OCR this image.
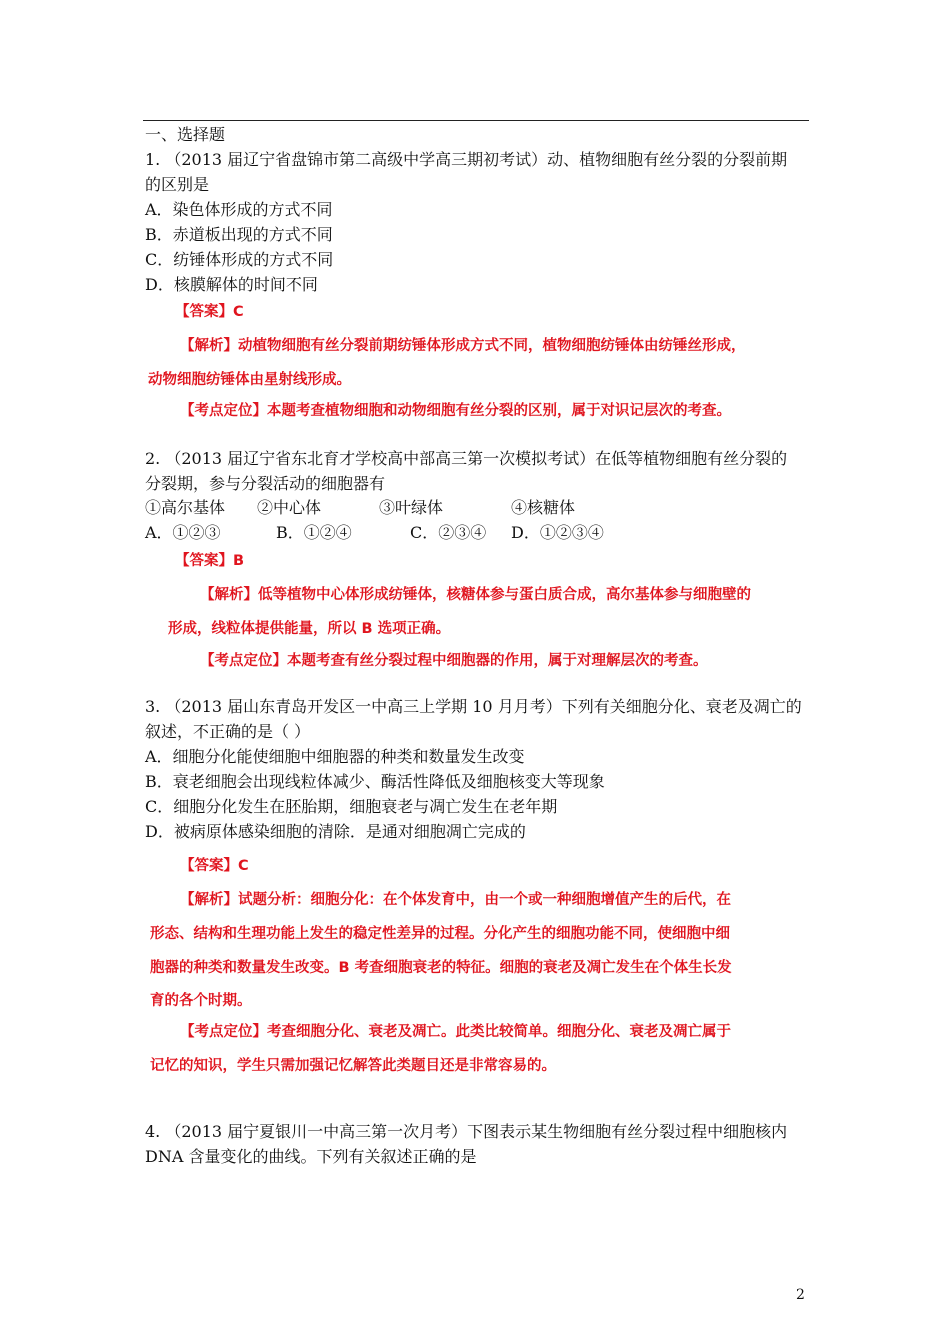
一、选择题
1. （2013 届辽宁省盘锦市第二高级中学高三期初考试）动、植物细胞有丝分裂的分裂前期
的区别是
A．染色体形成的方式不同
B．赤道板出现的方式不同
C．纺锤体形成的方式不同
D．核膜解体的时间不同
【答案】C
【解析】动植物细胞有丝分裂前期纺锤体形成方式不同，植物细胞纺锤体由纺锤丝形成，
动物细胞纺锤体由星射线形成。
【考点定位】本题考查植物细胞和动物细胞有丝分裂的区别，属于对识记层次的考查。
2. （2013 届辽宁省东北育才学校高中部高三第一次模拟考试）在低等植物细胞有丝分裂的
分裂期，参与分裂活动的细胞器有
①高尔基体 ②中心体	③叶绿体	④核糖体
A．①②③	B．①②④	C．②③④ D．①②③④
【答案】B
【解析】低等植物中心体形成纺锤体，核糖体参与蛋白质合成，高尔基体参与细胞壁的
形成，线粒体提供能量，所以 B 选项正确。
【考点定位】本题考查有丝分裂过程中细胞器的作用，属于对理解层次的考查。
3. （2013 届山东青岛开发区一中高三上学期 10 月月考）下列有关细胞分化、衰老及凋亡的
叙述，不正确的是（ ）
A．细胞分化能使细胞中细胞器的种类和数量发生改变
B．衰老细胞会出现线粒体减少、酶活性降低及细胞核变大等现象
C．细胞分化发生在胚胎期，细胞衰老与凋亡发生在老年期
D．被病原体感染细胞的清除．是通对细胞凋亡完成的
【答案】C
【解析】试题分析：细胞分化：在个体发育中，由一个或一种细胞增值产生的后代，在
形态、结构和生理功能上发生的稳定性差异的过程。分化产生的细胞功能不同，使细胞中细
胞器的种类和数量发生改变。B 考查细胞衰老的特征。细胞的衰老及凋亡发生在个体生长发
育的各个时期。
【考点定位】考查细胞分化、衰老及凋亡。此类比较简单。细胞分化、衰老及凋亡属于
记忆的知识，学生只需加强记忆解答此类题目还是非常容易的。
4. （2013 届宁夏银川一中高三第一次月考）下图表示某生物细胞有丝分裂过程中细胞核内
DNA 含量变化的曲线。下列有关叙述正确的是
2
